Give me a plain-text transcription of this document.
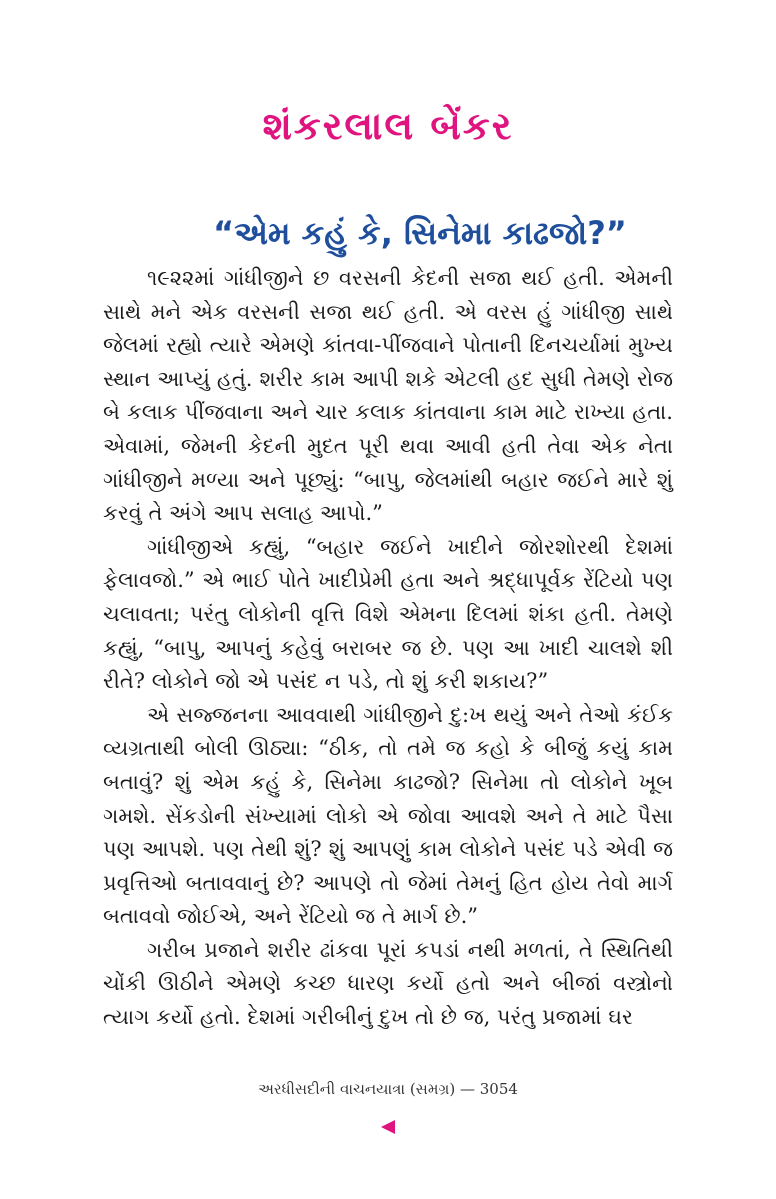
શંકરલાલ બેંકર
“એમ કહું કે, સિનેમા કાઢજો?”

૧૯૨૨માં ગાંધીજીને છ વરસની કેદની સજા થઈ હતી. એમની સાથે મને એક વરસની સજા થઈ હતી. એ વરસ હું ગાંધીજી સાથે જેલમાં રહ્યો ત્યારે એમણે કાંતવા-પીંજવાને પોતાની દિનચર્યામાં મુખ્ય સ્થાન આપ્યું હતું. શરીર કામ આપી શકે એટલી હદ સુધી તેમણે રોજ બે કલાક પીંજવાના અને ચાર કલાક કાંતવાના કામ માટે રાખ્યા હતા. એવામાં, જેમની કેદની મુદત પૂરી થવા આવી હતી તેવા એક નેતા ગાંધીજીને મળ્યા અને પૂછ્યું: “બાપુ, જેલમાંથી બહાર જઈને મારે શું કરવું તે અંગે આપ સલાહ આપો.”

ગાંધીજીએ કહ્યું, “બહાર જઈને ખાદીને જોરશોરથી દેશમાં ફેલાવજો.” એ ભાઈ પોતે ખાદીપ્રેમી હતા અને શ્રદ્ધાપૂર્વક રેંટિયો પણ ચલાવતા; પરંતુ લોકોની વૃત્તિ વિશે એમના દિલમાં શંકા હતી. તેમણે કહ્યું, “બાપુ, આપનું કહેવું બરાબર જ છે. પણ આ ખાદી ચાલશે શી રીતે? લોકોને જો એ પસંદ ન પડે, તો શું કરી શકાય?”

એ સજ્જનના આવવાથી ગાંધીજીને દુ:ખ થયું અને તેઓ કંઈક વ્યગ્રતાથી બોલી ઊઠ્યા: “ઠીક, તો તમે જ કહો કે બીજું કયું કામ બતાવું? શું એમ કહું કે, સિનેમા કાઢજો? સિનેમા તો લોકોને ખૂબ ગમશે. સેંકડોની સંખ્યામાં લોકો એ જોવા આવશે અને તે માટે પૈસા પણ આપશે. પણ તેથી શું? શું આપણું કામ લોકોને પસંદ પડે એવી જ પ્રવૃત્તિઓ બતાવવાનું છે? આપણે તો જેમાં તેમનું હિત હોય તેવો માર્ગ બતાવવો જોઈએ, અને રેંટિયો જ તે માર્ગ છે.”

ગરીબ પ્રજાને શરીર ઢાંકવા પૂરાં કપડાં નથી મળતાં, તે સ્થિતિથી ચોંકી ઊઠીને એમણે કચ્છ ધારણ કર્યો હતો અને બીજાં વસ્ત્રોનો ત્યાગ કર્યો હતો. દેશમાં ગરીબીનું દુખ તો છે જ, પરંતુ પ્રજામાં ઘર

અરધીસદીની વાચનયાત્રા (સમગ્ર) — 3054
